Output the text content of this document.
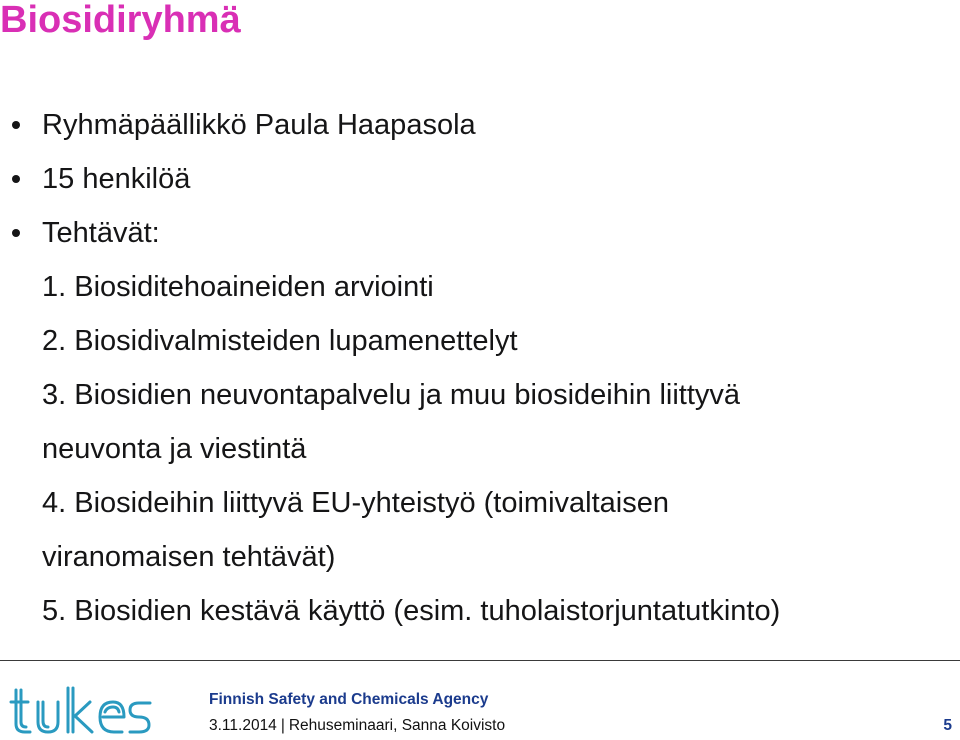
Biosidiryhmä
Ryhmäpäällikkö Paula Haapasola
15 henkilöä
Tehtävät:
1. Biosiditehoaineiden arviointi
2. Biosidivalmisteiden lupamenettelyt
3. Biosidien neuvontapalvelu ja muu biosideihin liittyvä
neuvonta ja viestintä
4. Biosideihin liittyvä EU-yhteistyö (toimivaltaisen
viranomaisen tehtävät)
5. Biosidien kestävä käyttö (esim. tuholaistorjuntatutkinto)
Finnish Safety and Chemicals Agency
3.11.2014 | Rehuseminaari, Sanna Koivisto	5
